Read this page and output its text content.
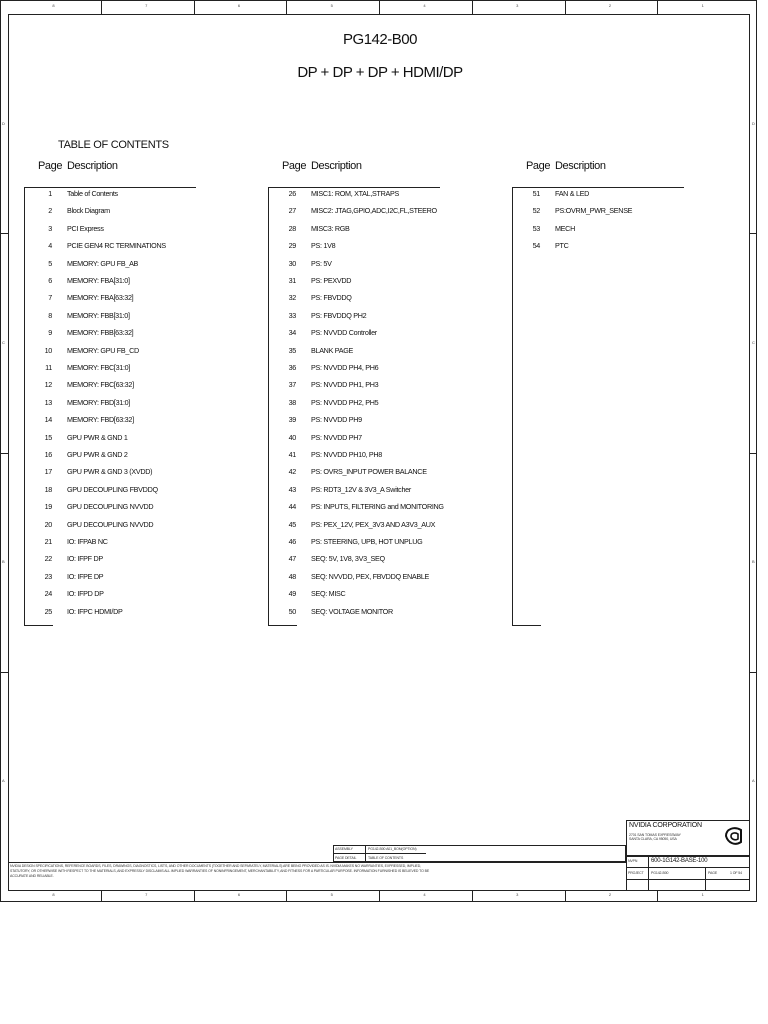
8
8
7
7
6
6
5
5
4
4
3
3
2
2
1
1
D	D
C	C
B	B
A	A
PG142-B00
DP + DP + DP + HDMI/DP
TABLE OF CONTENTS
Page Description
1 Table of Contents
2 Block Diagram
3 PCI Express
4 PCIE GEN4 RC TERMINATIONS
5 MEMORY: GPU FB_AB
6 MEMORY: FBA[31:0]
7 MEMORY: FBA[63:32]
8 MEMORY: FBB[31:0]
9 MEMORY: FBB[63:32]
10 MEMORY: GPU FB_CD
11 MEMORY: FBC[31:0]
12 MEMORY: FBC[63:32]
13 MEMORY: FBD[31:0]
14 MEMORY: FBD[63:32]
15 GPU PWR & GND 1
16 GPU PWR & GND 2
17 GPU PWR & GND 3 (XVDD)
18 GPU DECOUPLING FBVDDQ
19 GPU DECOUPLING NVVDD
20 GPU DECOUPLING NVVDD
21 IO: IFPAB NC
22 IO: IFPF DP
23 IO: IFPE DP
24 IO: IFPD DP
25 IO: IFPC HDMI/DP
Page Description
26 MISC1: ROM, XTAL,STRAPS
27 MISC2: JTAG,GPIO,ADC,I2C,FL,STEERO
28 MISC3: RGB
29 PS: 1V8
30 PS: 5V
31 PS: PEXVDD
32 PS: FBVDDQ
33 PS: FBVDDQ PH2
34 PS: NVVDD Controller
35 BLANK PAGE
36 PS: NVVDD PH4, PH6
37 PS: NVVDD PH1, PH3
38 PS: NVVDD PH2, PH5
39 PS: NVVDD PH9
40 PS: NVVDD PH7
41 PS: NVVDD PH10, PH8
42 PS: OVRS_INPUT POWER BALANCE
43 PS: RDT3_12V & 3V3_A Switcher
44 PS: INPUTS, FILTERING and MONITORING
45 PS: PEX_12V, PEX_3V3 AND A3V3_AUX
46 PS: STEERING, UPB, HOT UNPLUG
47 SEQ: 5V, 1V8, 3V3_SEQ
48 SEQ: NVVDD, PEX, FBVDDQ ENABLE
49 SEQ: MISC
50 SEQ: VOLTAGE MONITOR
Page Description
51 FAN & LED
52 PS:OVRM_PWR_SENSE
53 MECH
54 PTC
NVIDIA CORPORATION
2701 SAN TOMAS EXPRESSWAY
SANTA CLARA, CA 95050, USA
NVPN 600-1G142-BASE-100
PROJECT PG142-B00	PAGE	1 OF 54
ASSEMBLY	PG142-B00 A01_BOM(OPTION)
PAGE DETAIL	TABLE OF CONTENTS
NVIDIA DESIGN SPECIFICATIONS, REFERENCE BOARDS, FILES, DRAWINGS, DIAGNOSTICS, LISTS, AND OTHER DOCUMENTS (TOGETHER AND SEPARATELY, MATERIALS) ARE BEING PROVIDED AS IS. NVIDIA MAKES NO WARRANTIES, EXPRESSED, IMPLIED, STATUTORY, OR OTHERWISE WITH RESPECT TO THE MATERIALS, AND EXPRESSLY DISCLAIMS ALL IMPLIED WARRANTIES OF NONINFRINGEMENT, MERCHANTABILITY, AND FITNESS FOR A PARTICULAR PURPOSE. INFORMATION FURNISHED IS BELIEVED TO BE ACCURATE AND RELIABLE.
